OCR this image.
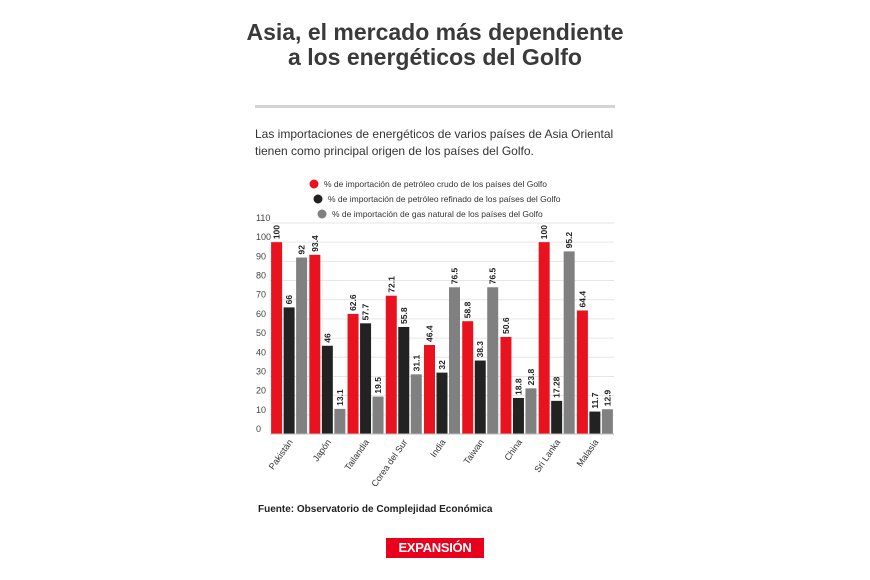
Asia, el mercado más dependiente a los energéticos del Golfo

Las importaciones de energéticos de varios países de Asia Oriental tienen como principal origen de los países del Golfo.

% de importación de petróleo crudo de los países del Golfo
% de importación de petróleo refinado de los países del Golfo
% de importación de gas natural de los países del Golfo
0
10
20
30
40
50
60
70
80
90
100
110
100
66
92 93.4
46
13.1
62.6
57.7
19.5
72.1
55.8
31.1
46.4
32
76.5
58.8
38.3
76.5
50.6
18.8
23.8
100
17.28
95.2
64.4
11.7 12.9
Pakistán Japón Tailandia
Corea del Sur India Taiwan China Sri Lanka Malasia
Fuente: Observatorio de Complejidad Económica
EXPANSIÓN
